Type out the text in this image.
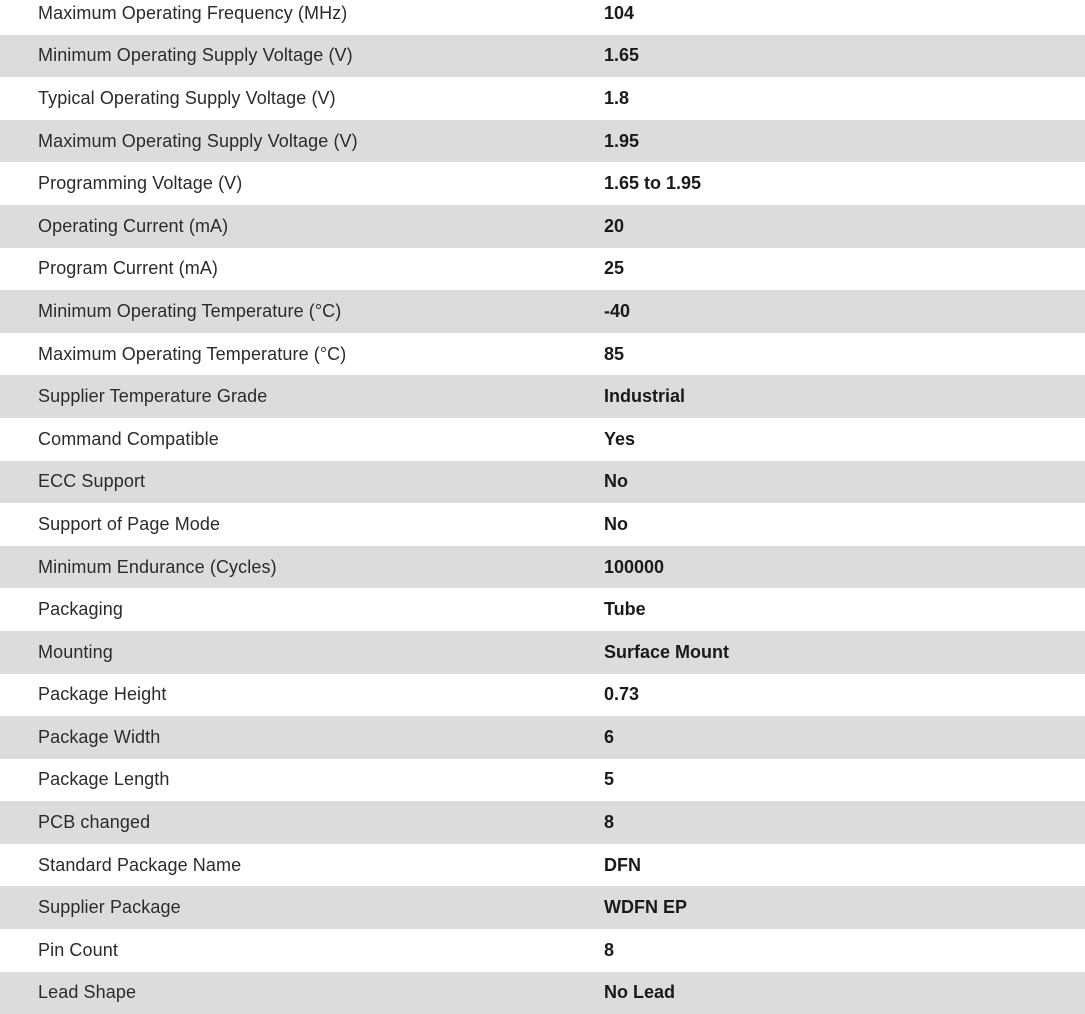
Maximum Operating Frequency (MHz)	104
Minimum Operating Supply Voltage (V)	1.65
Typical Operating Supply Voltage (V)	1.8
Maximum Operating Supply Voltage (V)	1.95
Programming Voltage (V)	1.65 to 1.95
Operating Current (mA)	20
Program Current (mA)	25
Minimum Operating Temperature (°C)	-40
Maximum Operating Temperature (°C)	85
Supplier Temperature Grade	Industrial
Command Compatible	Yes
ECC Support	No
Support of Page Mode	No
Minimum Endurance (Cycles)	100000
Packaging	Tube
Mounting	Surface Mount
Package Height	0.73
Package Width	6
Package Length	5
PCB changed	8
Standard Package Name	DFN
Supplier Package	WDFN EP
Pin Count	8
Lead Shape	No Lead
